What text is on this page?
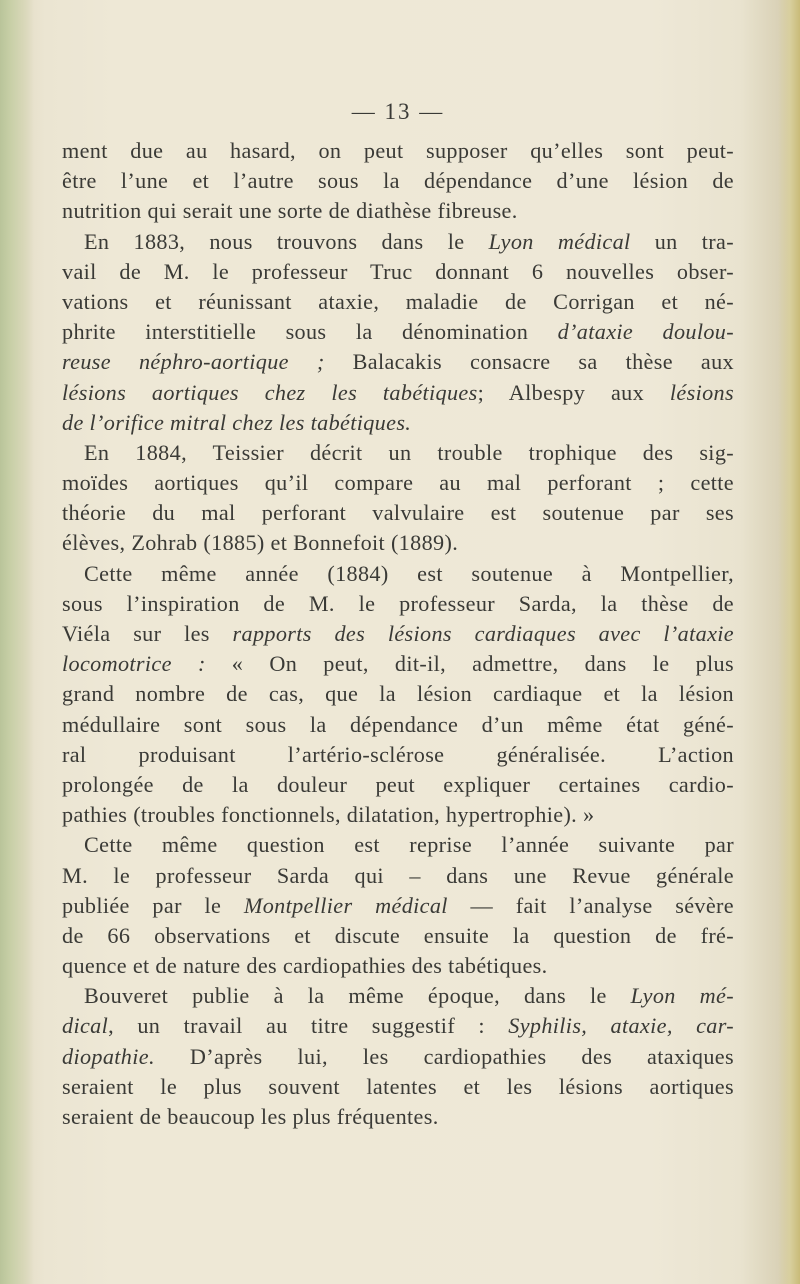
— 13 —
ment due au hasard, on peut supposer qu’elles sont peut-
être l’une et l’autre sous la dépendance d’une lésion de
nutrition qui serait une sorte de diathèse fibreuse.
En 1883, nous trouvons dans le Lyon médical un tra-
vail de M. le professeur Truc donnant 6 nouvelles obser-
vations et réunissant ataxie, maladie de Corrigan et né-
phrite interstitielle sous la dénomination d’ataxie doulou-
reuse néphro-aortique ; Balacakis consacre sa thèse aux
lésions aortiques chez les tabétiques; Albespy aux lésions
de l’orifice mitral chez les tabétiques.
En 1884, Teissier décrit un trouble trophique des sig-
moïdes aortiques qu’il compare au mal perforant ; cette
théorie du mal perforant valvulaire est soutenue par ses
élèves, Zohrab (1885) et Bonnefoit (1889).
Cette même année (1884) est soutenue à Montpellier,
sous l’inspiration de M. le professeur Sarda, la thèse de
Viéla sur les rapports des lésions cardiaques avec l’ataxie
locomotrice : « On peut, dit-il, admettre, dans le plus
grand nombre de cas, que la lésion cardiaque et la lésion
médullaire sont sous la dépendance d’un même état géné-
ral produisant l’artério-sclérose généralisée. L’action
prolongée de la douleur peut expliquer certaines cardio-
pathies (troubles fonctionnels, dilatation, hypertrophie). »
Cette même question est reprise l’année suivante par
M. le professeur Sarda qui – dans une Revue générale
publiée par le Montpellier médical — fait l’analyse sévère
de 66 observations et discute ensuite la question de fré-
quence et de nature des cardiopathies des tabétiques.
Bouveret publie à la même époque, dans le Lyon mé-
dical, un travail au titre suggestif : Syphilis, ataxie, car-
diopathie. D’après lui, les cardiopathies des ataxiques
seraient le plus souvent latentes et les lésions aortiques
seraient de beaucoup les plus fréquentes.
